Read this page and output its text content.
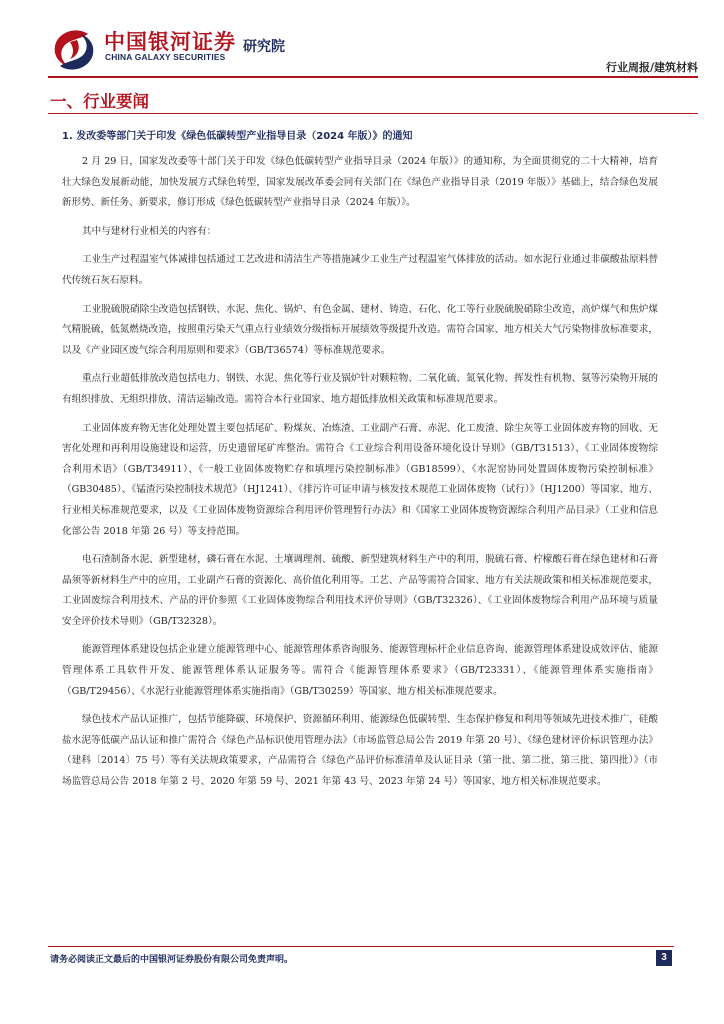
中国银河证券
CHINA GALAXY SECURITIES
研究院
行业周报/建筑材料
一、行业要闻
1. 发改委等部门关于印发《绿色低碳转型产业指导目录（2024 年版）》的通知

2 月 29 日，国家发改委等十部门关于印发《绿色低碳转型产业指导目录（2024 年版）》的通知称，为全面贯彻党的二十大精神，培育壮大绿色发展新动能，加快发展方式绿色转型，国家发展改革委会同有关部门在《绿色产业指导目录（2019 年版）》基础上，结合绿色发展新形势、新任务、新要求，修订形成《绿色低碳转型产业指导目录（2024 年版）》。

其中与建材行业相关的内容有：

工业生产过程温室气体减排包括通过工艺改进和清洁生产等措施减少工业生产过程温室气体排放的活动。如水泥行业通过非碳酸盐原料替代传统石灰石原料。

工业脱硫脱硝除尘改造包括钢铁、水泥、焦化、锅炉、有色金属、建材、铸造、石化、化工等行业脱硫脱硝除尘改造，高炉煤气和焦炉煤气精脱硫，低氮燃烧改造，按照重污染天气重点行业绩效分级指标开展绩效等级提升改造。需符合国家、地方相关大气污染物排放标准要求，以及《产业园区废气综合利用原则和要求》（GB/T36574）等标准规范要求。

重点行业超低排放改造包括电力、钢铁、水泥、焦化等行业及锅炉针对颗粒物、二氧化硫、氮氧化物、挥发性有机物、氨等污染物开展的有组织排放、无组织排放、清洁运输改造。需符合本行业国家、地方超低排放相关政策和标准规范要求。

工业固体废弃物无害化处理处置主要包括尾矿、粉煤灰、冶炼渣、工业副产石膏、赤泥、化工废渣、除尘灰等工业固体废弃物的回收、无害化处理和再利用设施建设和运营，历史遗留尾矿库整治。需符合《工业综合利用设备环境化设计导则》（GB/T31513）、《工业固体废物综合利用术语》（GB/T34911）、《一般工业固体废物贮存和填埋污染控制标准》（GB18599）、《水泥窑协同处置固体废物污染控制标准》（GB30485）、《锰渣污染控制技术规范》（HJ1241）、《排污许可证申请与核发技术规范工业固体废物（试行）》（HJ1200）等国家、地方、行业相关标准规范要求，以及《工业固体废物资源综合利用评价管理暂行办法》和《国家工业固体废物资源综合利用产品目录》（工业和信息化部公告 2018 年第 26 号）等支持范围。

电石渣制备水泥、新型建材，磷石膏在水泥、土壤调理剂、硫酸、新型建筑材料生产中的利用，脱硫石膏、柠檬酸石膏在绿色建材和石膏晶须等新材料生产中的应用，工业副产石膏的资源化、高价值化利用等。工艺、产品等需符合国家、地方有关法规政策和相关标准规范要求，工业固废综合利用技术、产品的评价参照《工业固体废物综合利用技术评价导则》（GB/T32326）、《工业固体废物综合利用产品环境与质量安全评价技术导则》（GB/T32328）。

能源管理体系建设包括企业建立能源管理中心、能源管理体系咨询服务、能源管理标杆企业信息咨询、能源管理体系建设成效评估、能源管理体系工具软件开发、能源管理体系认证服务等。需符合《能源管理体系要求》（GB/T23331）、《能源管理体系实施指南》（GB/T29456）、《水泥行业能源管理体系实施指南》（GB/T30259）等国家、地方相关标准规范要求。

绿色技术产品认证推广，包括节能降碳、环境保护、资源循环利用、能源绿色低碳转型、生态保护修复和利用等领域先进技术推广，硅酸盐水泥等低碳产品认证和推广需符合《绿色产品标识使用管理办法》（市场监管总局公告 2019 年第 20 号）、《绿色建材评价标识管理办法》（建科〔2014〕75 号）等有关法规政策要求，产品需符合《绿色产品评价标准清单及认证目录（第一批、第二批、第三批、第四批）》（市场监管总局公告 2018 年第 2 号、2020 年第 59 号、2021 年第 43 号、2023 年第 24 号）等国家、地方相关标准规范要求。

请务必阅读正文最后的中国银河证券股份有限公司免责声明。	3
